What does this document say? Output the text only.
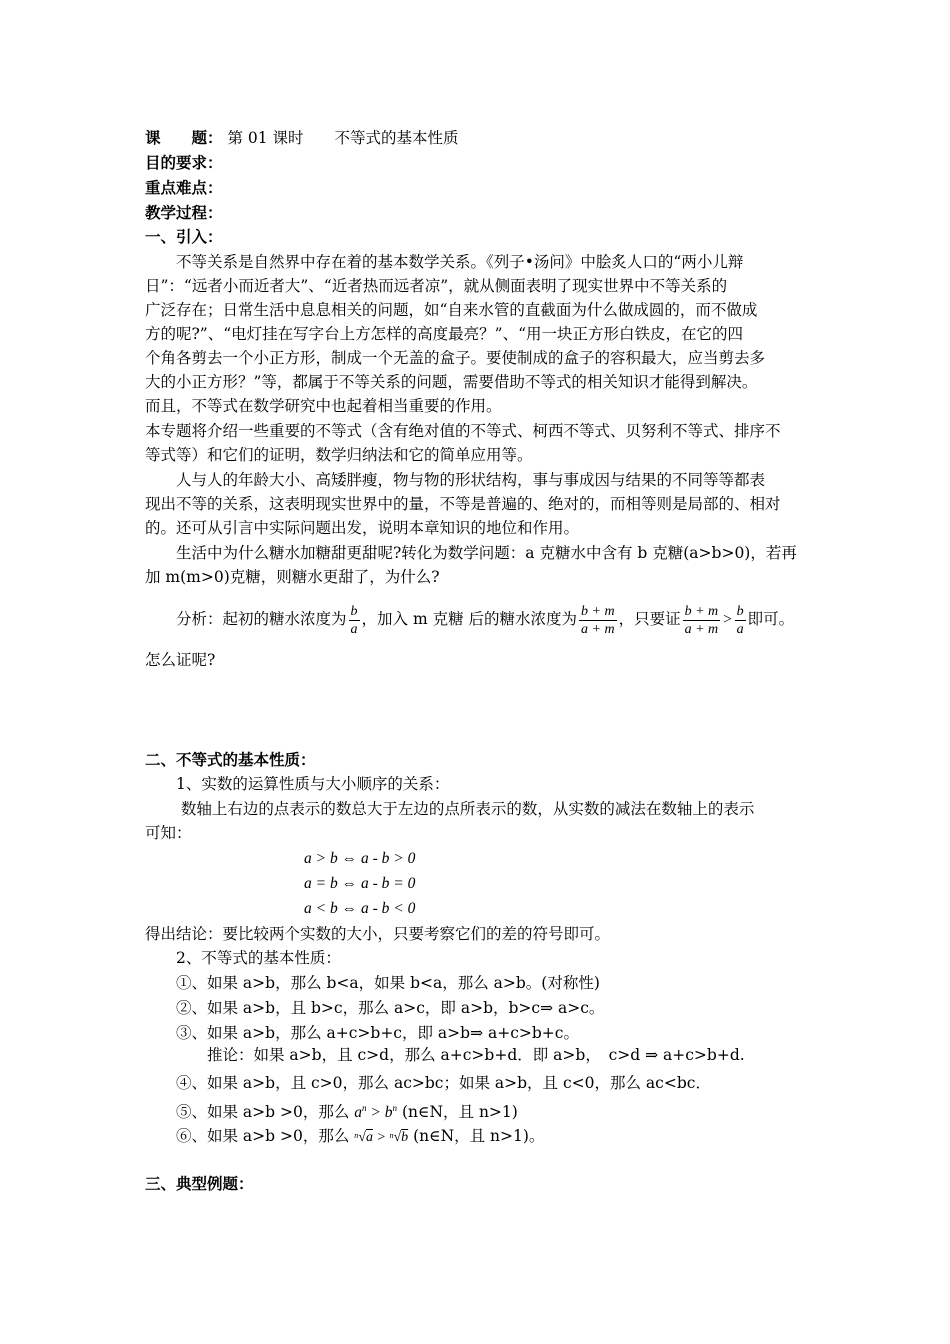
课　　题： 第 01 课时　　不等式的基本性质
目的要求：
重点难点：
教学过程：
一、引入：
　　不等关系是自然界中存在着的基本数学关系。《列子•汤问》中脍炙人口的“两小儿辩
日”：“远者小而近者大”、“近者热而远者凉”，就从侧面表明了现实世界中不等关系的
广泛存在；日常生活中息息相关的问题，如“自来水管的直截面为什么做成圆的，而不做成
方的呢?”、“电灯挂在写字台上方怎样的高度最亮？”、“用一块正方形白铁皮，在它的四
个角各剪去一个小正方形，制成一个无盖的盒子。要使制成的盒子的容积最大，应当剪去多
大的小正方形？”等，都属于不等关系的问题，需要借助不等式的相关知识才能得到解决。
而且，不等式在数学研究中也起着相当重要的作用。
本专题将介绍一些重要的不等式（含有绝对值的不等式、柯西不等式、贝努利不等式、排序不
等式等）和它们的证明，数学归纳法和它的简单应用等。
　　人与人的年龄大小、高矮胖瘦，物与物的形状结构，事与事成因与结果的不同等等都表
现出不等的关系，这表明现实世界中的量，不等是普遍的、绝对的，而相等则是局部的、相对
的。还可从引言中实际问题出发，说明本章知识的地位和作用。
　　生活中为什么糖水加糖甜更甜呢?转化为数学问题：a 克糖水中含有 b 克糖(a>b>0)，若再
加 m(m>0)克糖，则糖水更甜了，为什么?
　　分析：起初的糖水浓度为 $\frac{b}{a}$ ，加入 m 克糖 后的糖水浓度为 $\frac{b + m}{a + m}$ ，只要证 $\frac{b + m}{a + m} > \frac{b}{a}$ 即可。
怎么证呢?
二、不等式的基本性质：
　　1、实数的运算性质与大小顺序的关系：
　　 数轴上右边的点表示的数总大于左边的点所表示的数，从实数的减法在数轴上的表示
可知：
a > b ⇔ a - b > 0
a = b ⇔ a - b = 0
a < b ⇔ a - b < 0
得出结论：要比较两个实数的大小，只要考察它们的差的符号即可。
　　2、不等式的基本性质：
　　①、如果 a>b，那么 b<a，如果 b<a，那么 a>b。(对称性)
　　②、如果 a>b，且 b>c，那么 a>c，即 a>b，b>c⇒ a>c。
　　③、如果 a>b，那么 a+c>b+c，即 a>b⇒ a+c>b+c。
　　　　推论：如果 a>b，且 c>d，那么 a+c>b+d．即 a>b，　c>d ⇒ a+c>b+d.
　　④、如果 a>b，且 c>0，那么 ac>bc；如果 a>b，且 c<0，那么 ac<bc．
　　⑤、如果 a>b >0，那么 $a^n > b^n$ (n∈N，且 n>1)
　　⑥、如果 a>b >0，那么 $^n$√a > $^n$√b (n∈N，且 n>1)。
三、典型例题：
